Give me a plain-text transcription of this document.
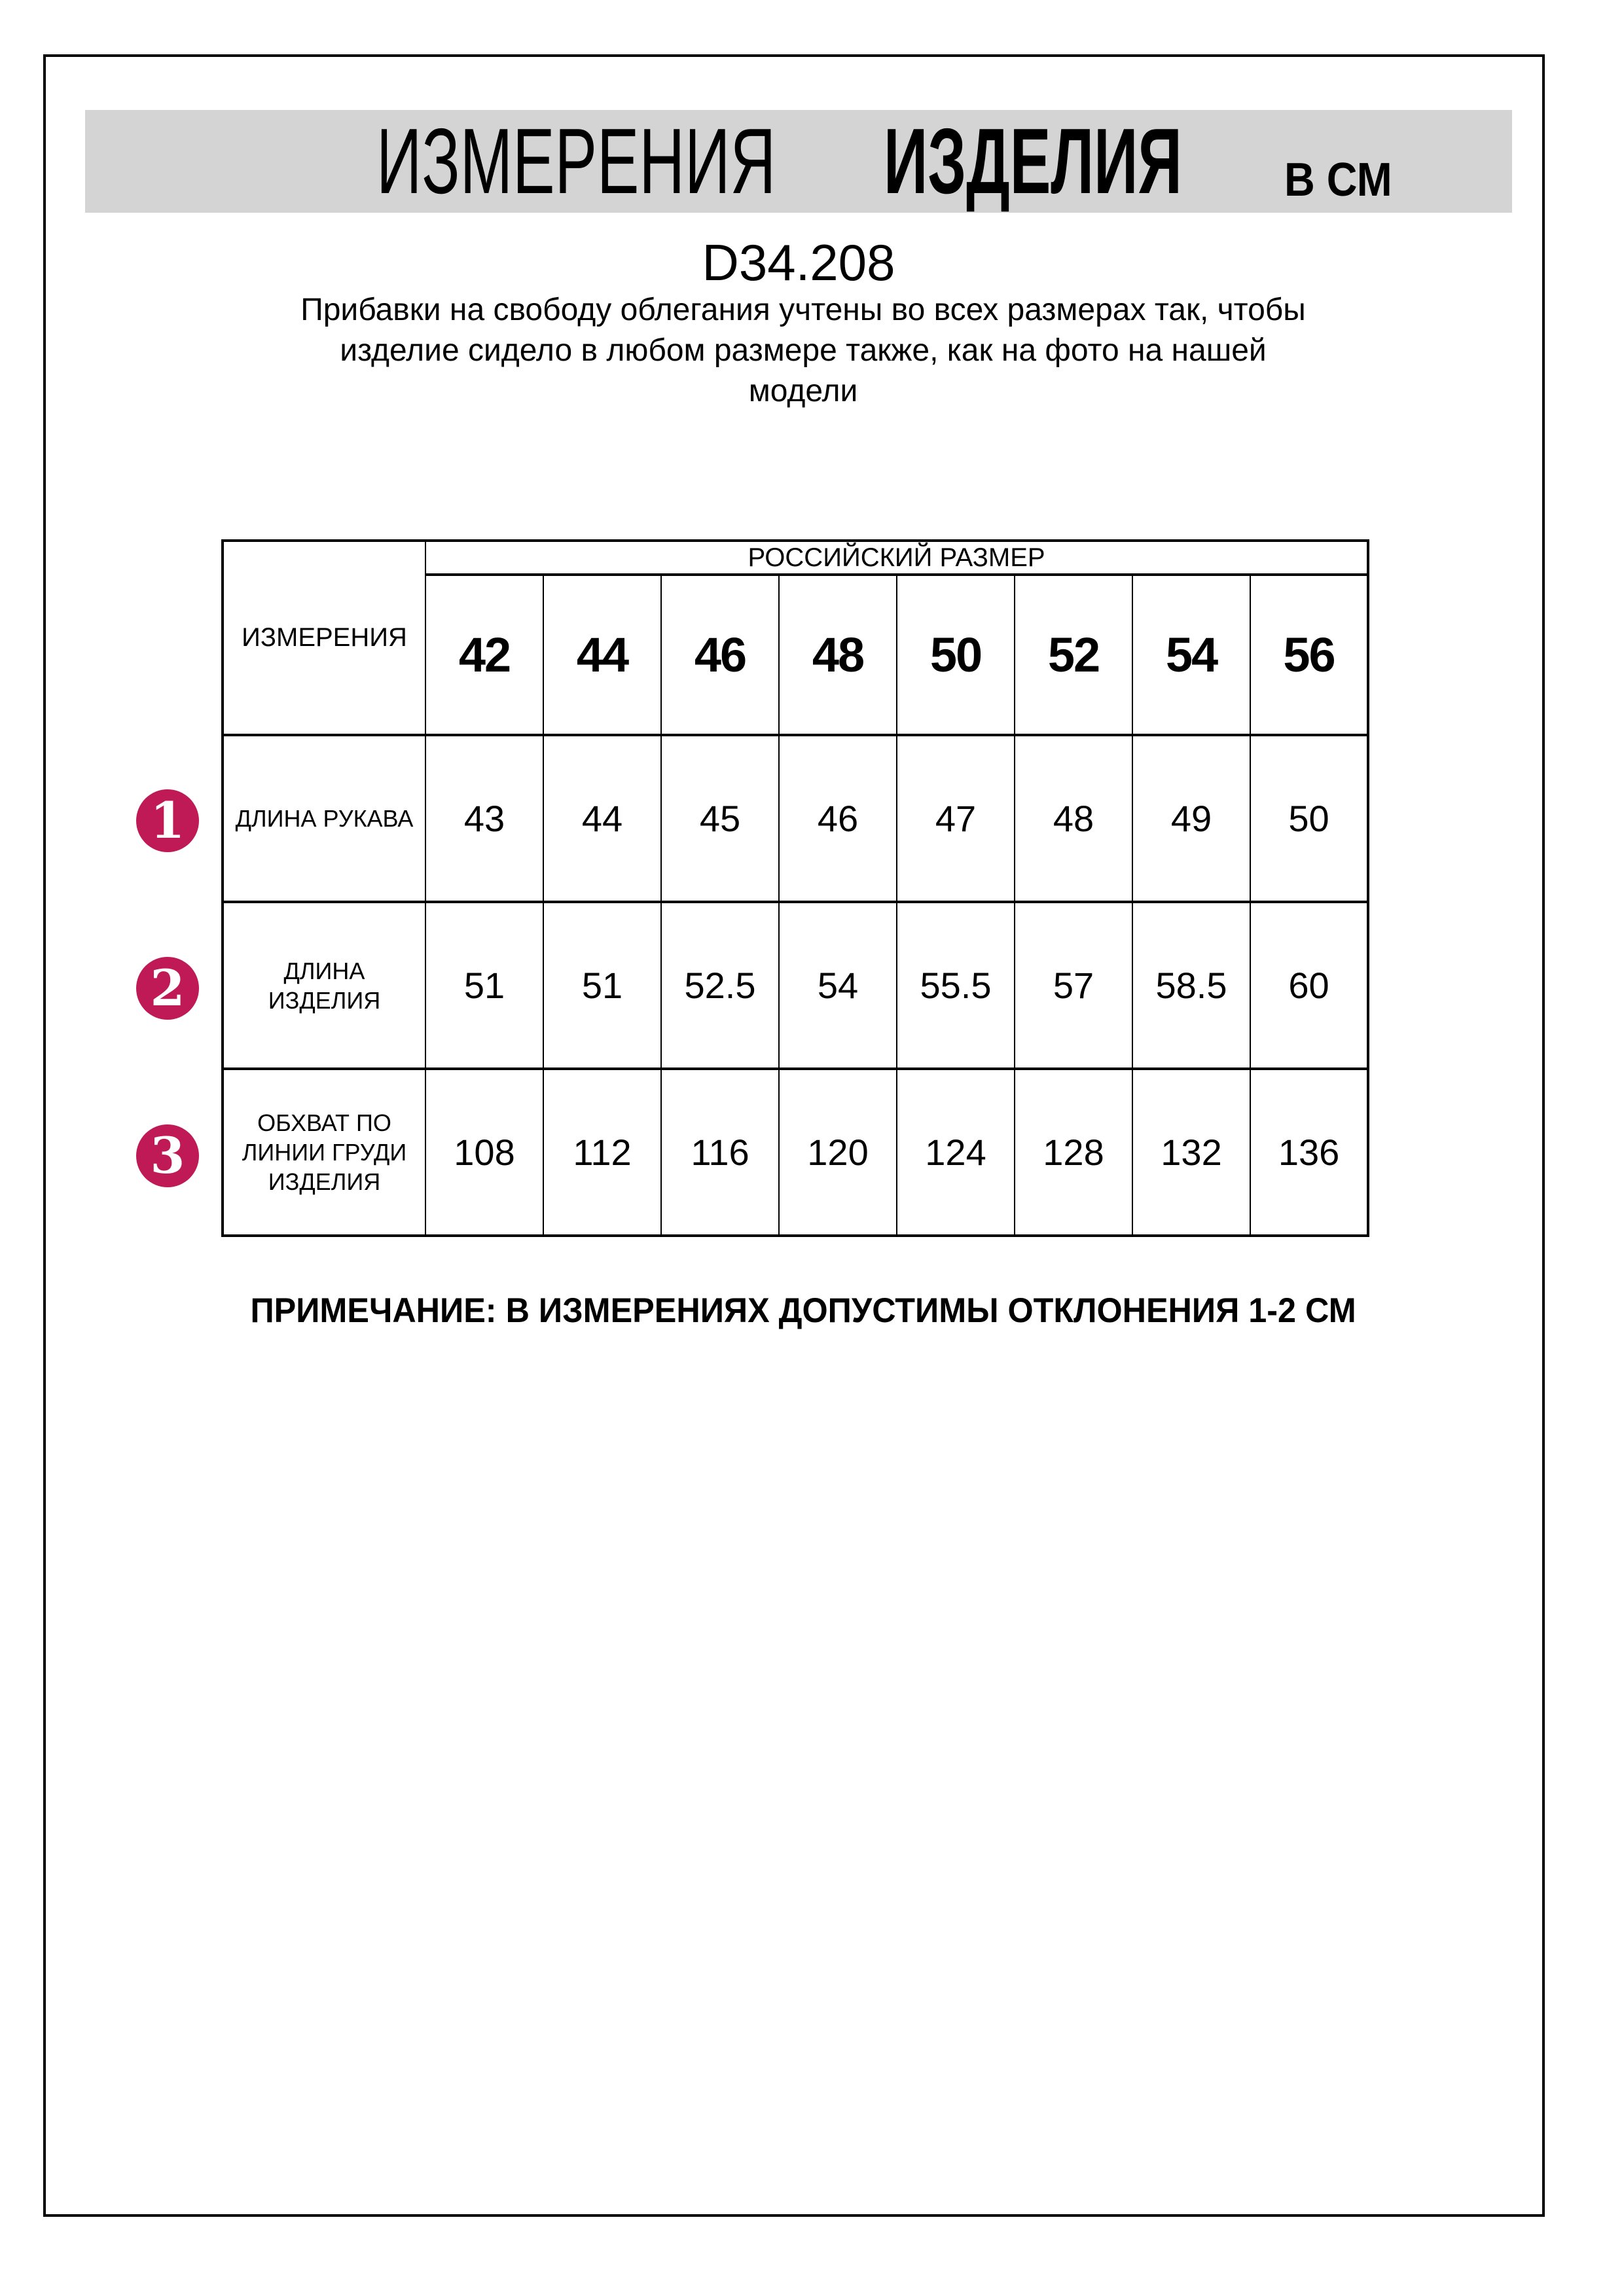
ИЗМЕРЕНИЯ ИЗДЕЛИЯ В СМ
D34.208
Прибавки на свободу облегания учтены во всех размерах так, чтобы
изделие сидело в любом размере также, как на фото на нашей
модели
ИЗМЕРЕНИЯ	РОССИЙСКИЙ РАЗМЕР							
	42	44	46	48	50	52	54	56
ДЛИНА РУКАВА	43	44	45	46	47	48	49	50
ДЛИНА ИЗДЕЛИЯ	51	51	52.5	54	55.5	57	58.5	60
ОБХВАТ ПО ЛИНИИ ГРУДИ ИЗДЕЛИЯ	108	112	116	120	124	128	132	136
1
2
3
ПРИМЕЧАНИЕ: В ИЗМЕРЕНИЯХ ДОПУСТИМЫ ОТКЛОНЕНИЯ 1-2 СМ
